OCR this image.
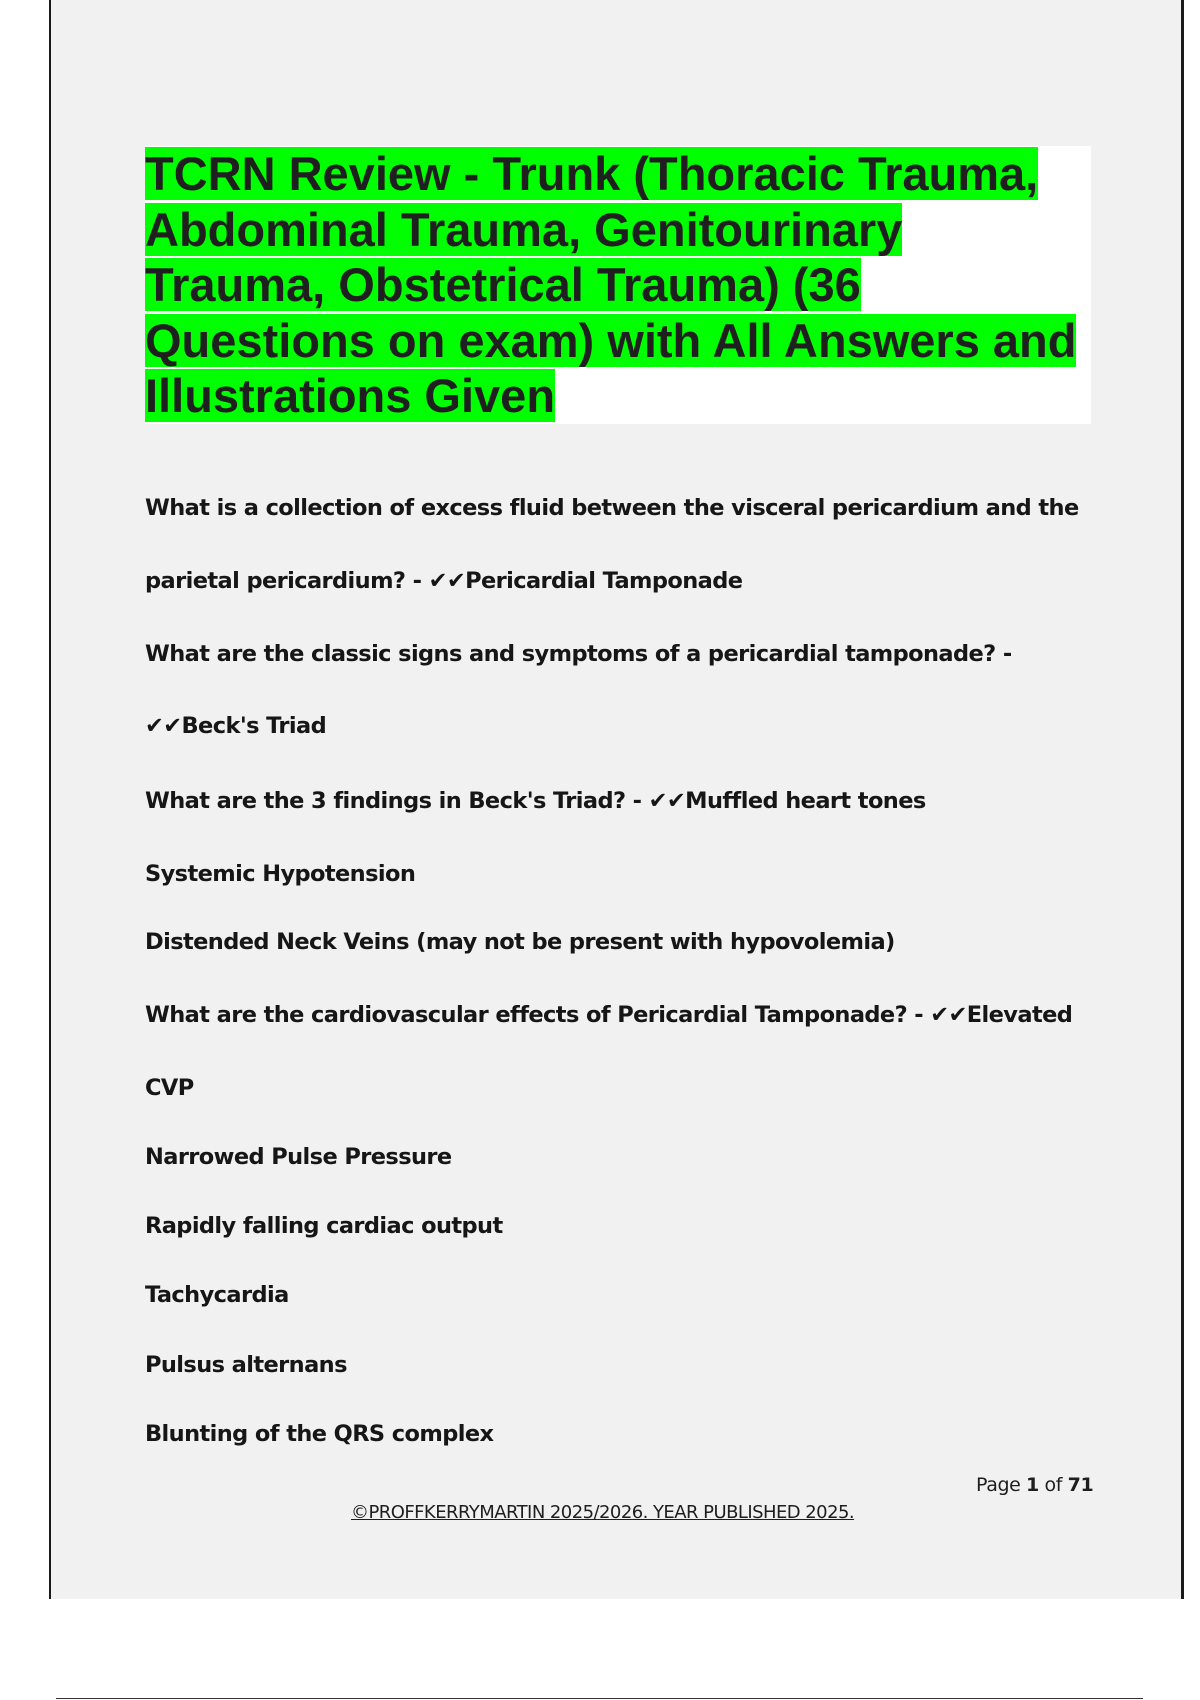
TCRN Review - Trunk (Thoracic Trauma, Abdominal Trauma, Genitourinary Trauma, Obstetrical Trauma) (36 Questions on exam) with All Answers and Illustrations Given

What is a collection of excess fluid between the visceral pericardium and the

parietal pericardium? - ✔✔Pericardial Tamponade

What are the classic signs and symptoms of a pericardial tamponade? -

✔✔Beck's Triad

What are the 3 findings in Beck's Triad? - ✔✔Muffled heart tones

Systemic Hypotension

Distended Neck Veins (may not be present with hypovolemia)

What are the cardiovascular effects of Pericardial Tamponade? - ✔✔Elevated

CVP

Narrowed Pulse Pressure

Rapidly falling cardiac output

Tachycardia

Pulsus alternans

Blunting of the QRS complex

Page 1 of 71
©PROFFKERRYMARTIN 2025/2026. YEAR PUBLISHED 2025.
